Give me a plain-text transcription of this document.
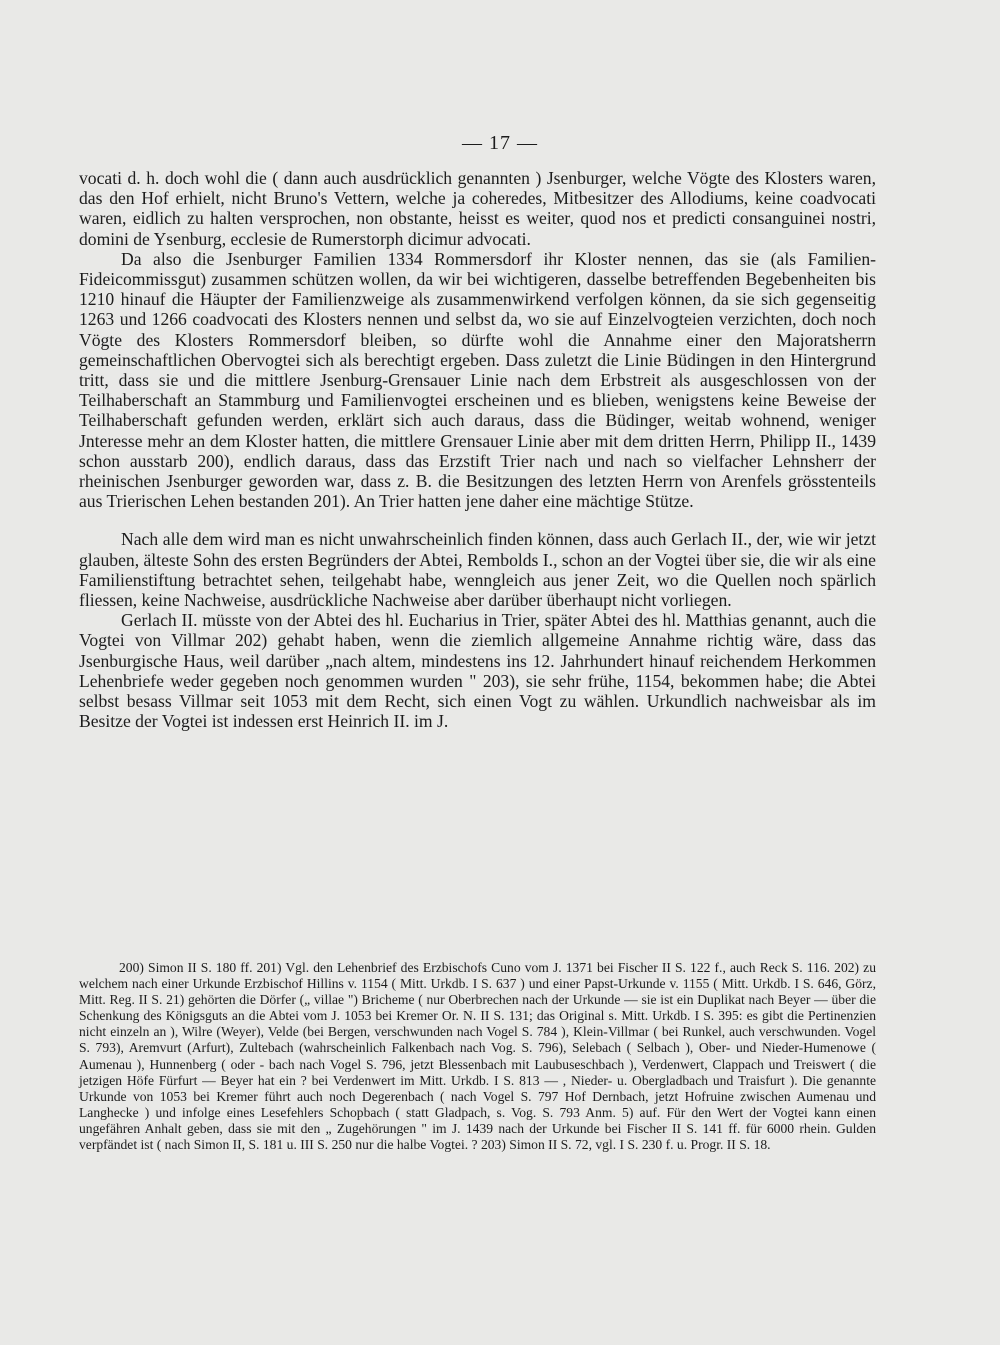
— 17 —

vocati d. h. doch wohl die ( dann auch ausdrücklich genannten ) Jsenburger, welche Vögte des Klosters waren, das den Hof erhielt, nicht Bruno's Vettern, welche ja coheredes, Mitbesitzer des Allodiums, keine coadvocati waren, eidlich zu halten versprochen, non obstante, heisst es weiter, quod nos et predicti consanguinei nostri, domini de Ysenburg, ecclesie de Rumerstorph dicimur advocati.

Da also die Jsenburger Familien 1334 Rommersdorf ihr Kloster nennen, das sie (als Familien-Fideicommissgut) zusammen schützen wollen, da wir bei wichtigeren, dasselbe betreffenden Begebenheiten bis 1210 hinauf die Häupter der Familienzweige als zusammenwirkend verfolgen können, da sie sich gegenseitig 1263 und 1266 coadvocati des Klosters nennen und selbst da, wo sie auf Einzelvogteien verzichten, doch noch Vögte des Klosters Rommersdorf bleiben, so dürfte wohl die Annahme einer den Majoratsherrn gemeinschaftlichen Obervogtei sich als berechtigt ergeben. Dass zuletzt die Linie Büdingen in den Hintergrund tritt, dass sie und die mittlere Jsenburg-Grensauer Linie nach dem Erbstreit als ausgeschlossen von der Teilhaberschaft an Stammburg und Familienvogtei erscheinen und es blieben, wenigstens keine Beweise der Teilhaberschaft gefunden werden, erklärt sich auch daraus, dass die Büdinger, weitab wohnend, weniger Jnteresse mehr an dem Kloster hatten, die mittlere Grensauer Linie aber mit dem dritten Herrn, Philipp II., 1439 schon ausstarb 200), endlich daraus, dass das Erzstift Trier nach und nach so vielfacher Lehnsherr der rheinischen Jsenburger geworden war, dass z. B. die Besitzungen des letzten Herrn von Arenfels grösstenteils aus Trierischen Lehen bestanden 201). An Trier hatten jene daher eine mächtige Stütze.

Nach alle dem wird man es nicht unwahrscheinlich finden können, dass auch Gerlach II., der, wie wir jetzt glauben, älteste Sohn des ersten Begründers der Abtei, Rembolds I., schon an der Vogtei über sie, die wir als eine Familienstiftung betrachtet sehen, teilgehabt habe, wenngleich aus jener Zeit, wo die Quellen noch spärlich fliessen, keine Nachweise, ausdrückliche Nachweise aber darüber überhaupt nicht vorliegen.

Gerlach II. müsste von der Abtei des hl. Eucharius in Trier, später Abtei des hl. Matthias genannt, auch die Vogtei von Villmar 202) gehabt haben, wenn die ziemlich allgemeine Annahme richtig wäre, dass das Jsenburgische Haus, weil darüber „nach altem, mindestens ins 12. Jahrhundert hinauf reichendem Herkommen Lehenbriefe weder gegeben noch genommen wurden " 203), sie sehr frühe, 1154, bekommen habe; die Abtei selbst besass Villmar seit 1053 mit dem Recht, sich einen Vogt zu wählen. Urkundlich nachweisbar als im Besitze der Vogtei ist indessen erst Heinrich II. im J.

200) Simon II S. 180 ff. 201) Vgl. den Lehenbrief des Erzbischofs Cuno vom J. 1371 bei Fischer II S. 122 f., auch Reck S. 116. 202) zu welchem nach einer Urkunde Erzbischof Hillins v. 1154 ( Mitt. Urkdb. I S. 637 ) und einer Papst-Urkunde v. 1155 ( Mitt. Urkdb. I S. 646, Görz, Mitt. Reg. II S. 21) gehörten die Dörfer („ villae ") Bricheme ( nur Oberbrechen nach der Urkunde — sie ist ein Duplikat nach Beyer — über die Schenkung des Königsguts an die Abtei vom J. 1053 bei Kremer Or. N. II S. 131; das Original s. Mitt. Urkdb. I S. 395: es gibt die Pertinenzien nicht einzeln an ), Wilre (Weyer), Velde (bei Bergen, verschwunden nach Vogel S. 784 ), Klein-Villmar ( bei Runkel, auch verschwunden. Vogel S. 793), Aremvurt (Arfurt), Zultebach (wahrscheinlich Falkenbach nach Vog. S. 796), Selebach ( Selbach ), Ober- und Nieder-Humenowe ( Aumenau ), Hunnenberg ( oder - bach nach Vogel S. 796, jetzt Blessenbach mit Laubuseschbach ), Verdenwert, Clappach und Treiswert ( die jetzigen Höfe Fürfurt — Beyer hat ein ? bei Verdenwert im Mitt. Urkdb. I S. 813 — , Nieder- u. Obergladbach und Traisfurt ). Die genannte Urkunde von 1053 bei Kremer führt auch noch Degerenbach ( nach Vogel S. 797 Hof Dernbach, jetzt Hofruine zwischen Aumenau und Langhecke ) und infolge eines Lesefehlers Schopbach ( statt Gladpach, s. Vog. S. 793 Anm. 5) auf. Für den Wert der Vogtei kann einen ungefähren Anhalt geben, dass sie mit den „ Zugehörungen " im J. 1439 nach der Urkunde bei Fischer II S. 141 ff. für 6000 rhein. Gulden verpfändet ist ( nach Simon II, S. 181 u. III S. 250 nur die halbe Vogtei. ? 203) Simon II S. 72, vgl. I S. 230 f. u. Progr. II S. 18.
